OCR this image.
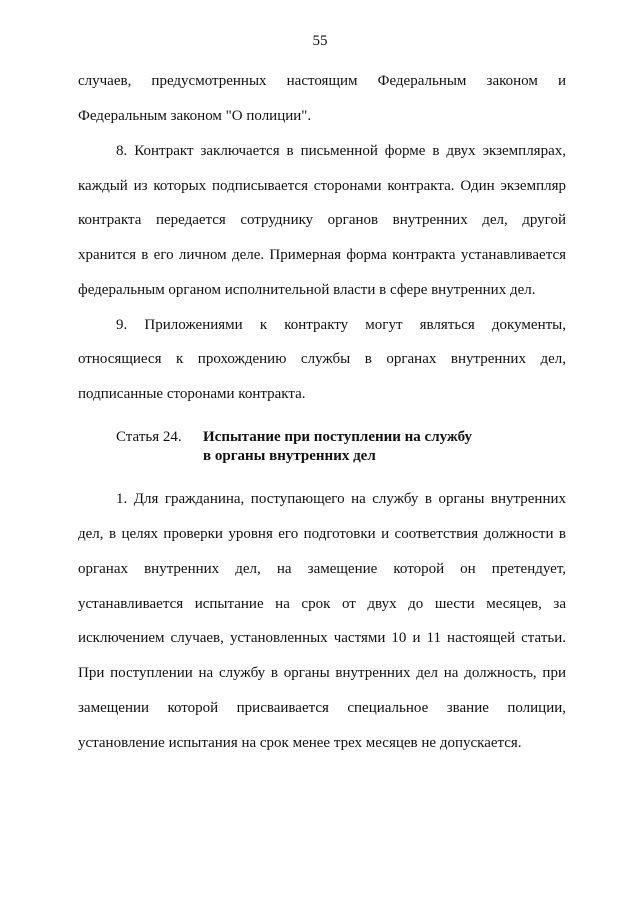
55
случаев, предусмотренных настоящим Федеральным законом и
Федеральным законом "О полиции".
8. Контракт заключается в письменной форме в двух экземплярах,
каждый из которых подписывается сторонами контракта. Один экземпляр
контракта передается сотруднику органов внутренних дел, другой
хранится в его личном деле. Примерная форма контракта устанавливается
федеральным органом исполнительной власти в сфере внутренних дел.
9. Приложениями к контракту могут являться документы,
относящиеся к прохождению службы в органах внутренних дел,
подписанные сторонами контракта.
Статья 24. Испытание при поступлении на службу
в органы внутренних дел
1. Для гражданина, поступающего на службу в органы внутренних
дел, в целях проверки уровня его подготовки и соответствия должности в
органах внутренних дел, на замещение которой он претендует,
устанавливается испытание на срок от двух до шести месяцев, за
исключением случаев, установленных частями 10 и 11 настоящей статьи.
При поступлении на службу в органы внутренних дел на должность, при
замещении которой присваивается специальное звание полиции,
установление испытания на срок менее трех месяцев не допускается.
